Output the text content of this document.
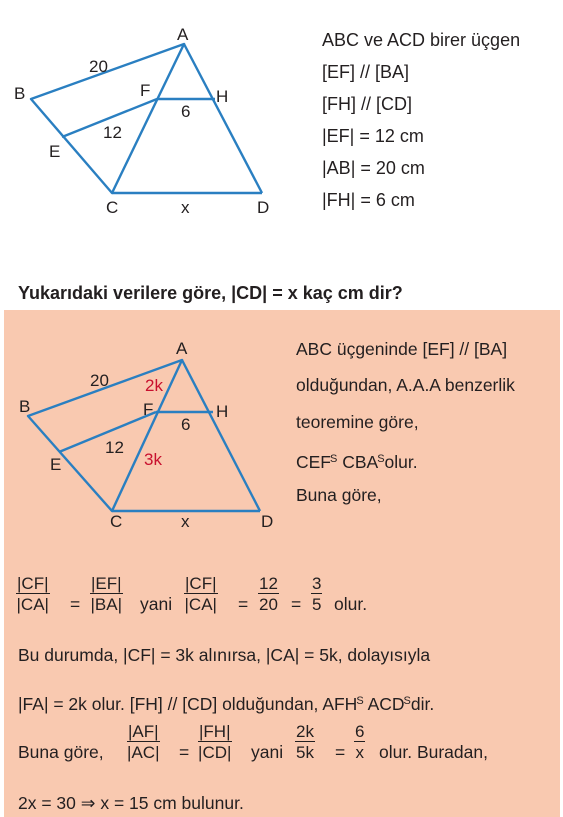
A
B
C	D
E
F	H
20
12
6
x
ABC ve ACD birer üçgen
[EF] // [BA]
[FH] // [CD]
|EF| = 12 cm
|AB| = 20 cm
|FH| = 6 cm
Yukarıdaki verilere göre, |CD| = x kaç cm dir?
A
B
C	D
E
F	H
20
12
6
x
2k
3k
ABC üçgeninde [EF] // [BA]
olduğundan, A.A.A benzerlik
teoremine göre,
CEFS CBASolur.
Buna göre,
$\frac{|CF|}{|CA|} = \frac{|EF|}{|BA|}$ yani $\frac{|CF|}{|CA|} = \frac{12}{20} = \frac{3}{5}$ olur.
Bu durumda, |CF| = 3k alınırsa, |CA| = 5k, dolayısıyla
|FA| = 2k olur. [FH] // [CD] olduğundan, AFHS ACDSdir.
Buna göre, $\frac{|AF|}{|AC|} = \frac{|FH|}{|CD|}$ yani $\frac{2k}{5k} = \frac{6}{x}$ olur. Buradan,
2x = 30 ⇒ x = 15 cm bulunur.
